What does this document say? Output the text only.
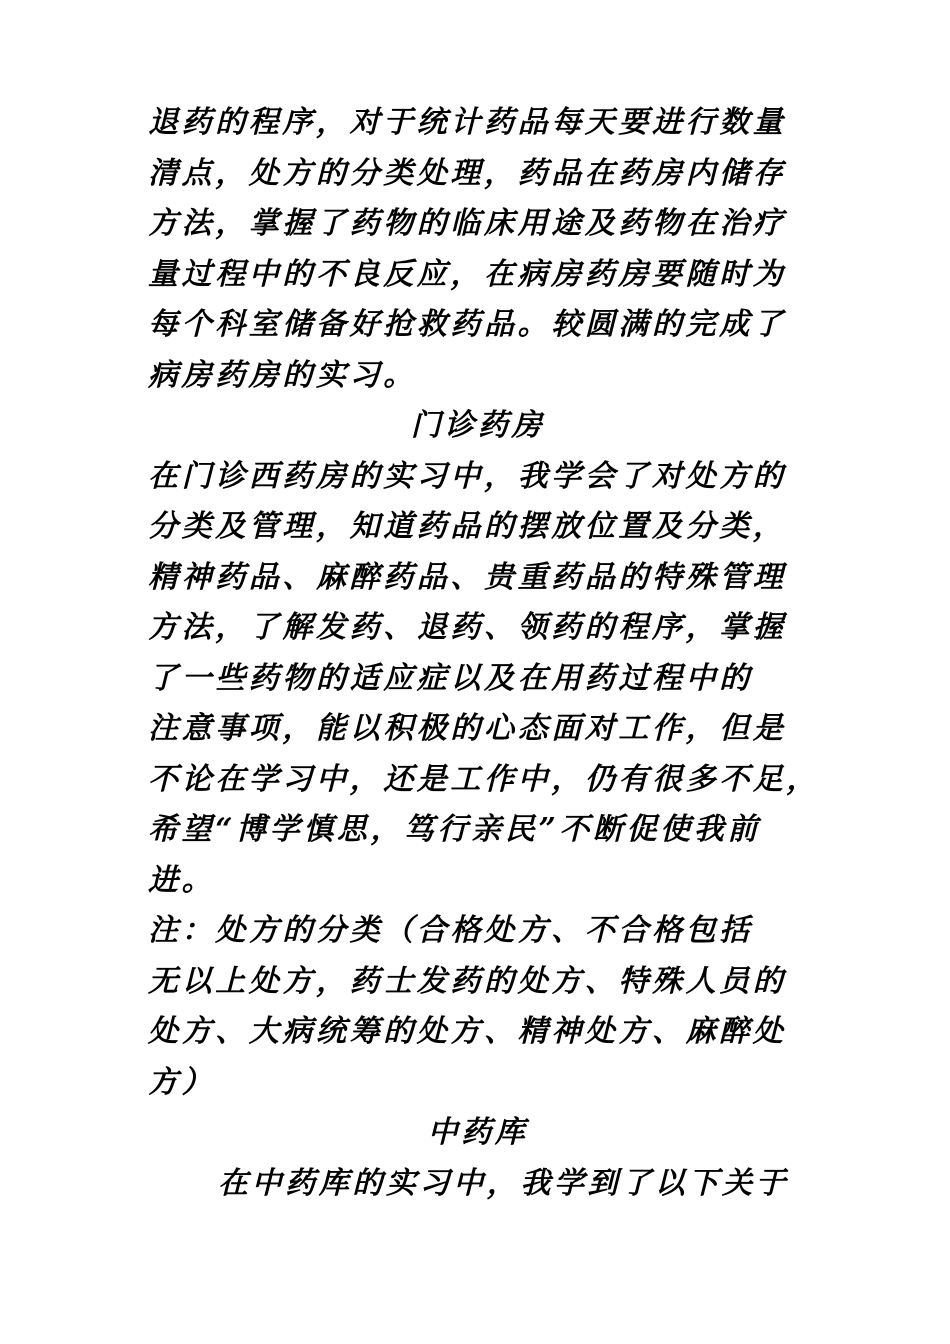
退药的程序，对于统计药品每天要进行数量
清点，处方的分类处理，药品在药房内储存
方法，掌握了药物的临床用途及药物在治疗
量过程中的不良反应，在病房药房要随时为
每个科室储备好抢救药品。较圆满的完成了
病房药房的实习。
门诊药房
在门诊西药房的实习中，我学会了对处方的
分类及管理，知道药品的摆放位置及分类，
精神药品、麻醉药品、贵重药品的特殊管理
方法，了解发药、退药、领药的程序，掌握
了一些药物的适应症以及在用药过程中的
注意事项，能以积极的心态面对工作，但是
不论在学习中，还是工作中，仍有很多不足，
希望“博学慎思，笃行亲民”不断促使我前
进。
注：处方的分类（合格处方、不合格包括
无以上处方，药士发药的处方、特殊人员的
处方、大病统筹的处方、精神处方、麻醉处
方）
中药库
在中药库的实习中，我学到了以下关于
